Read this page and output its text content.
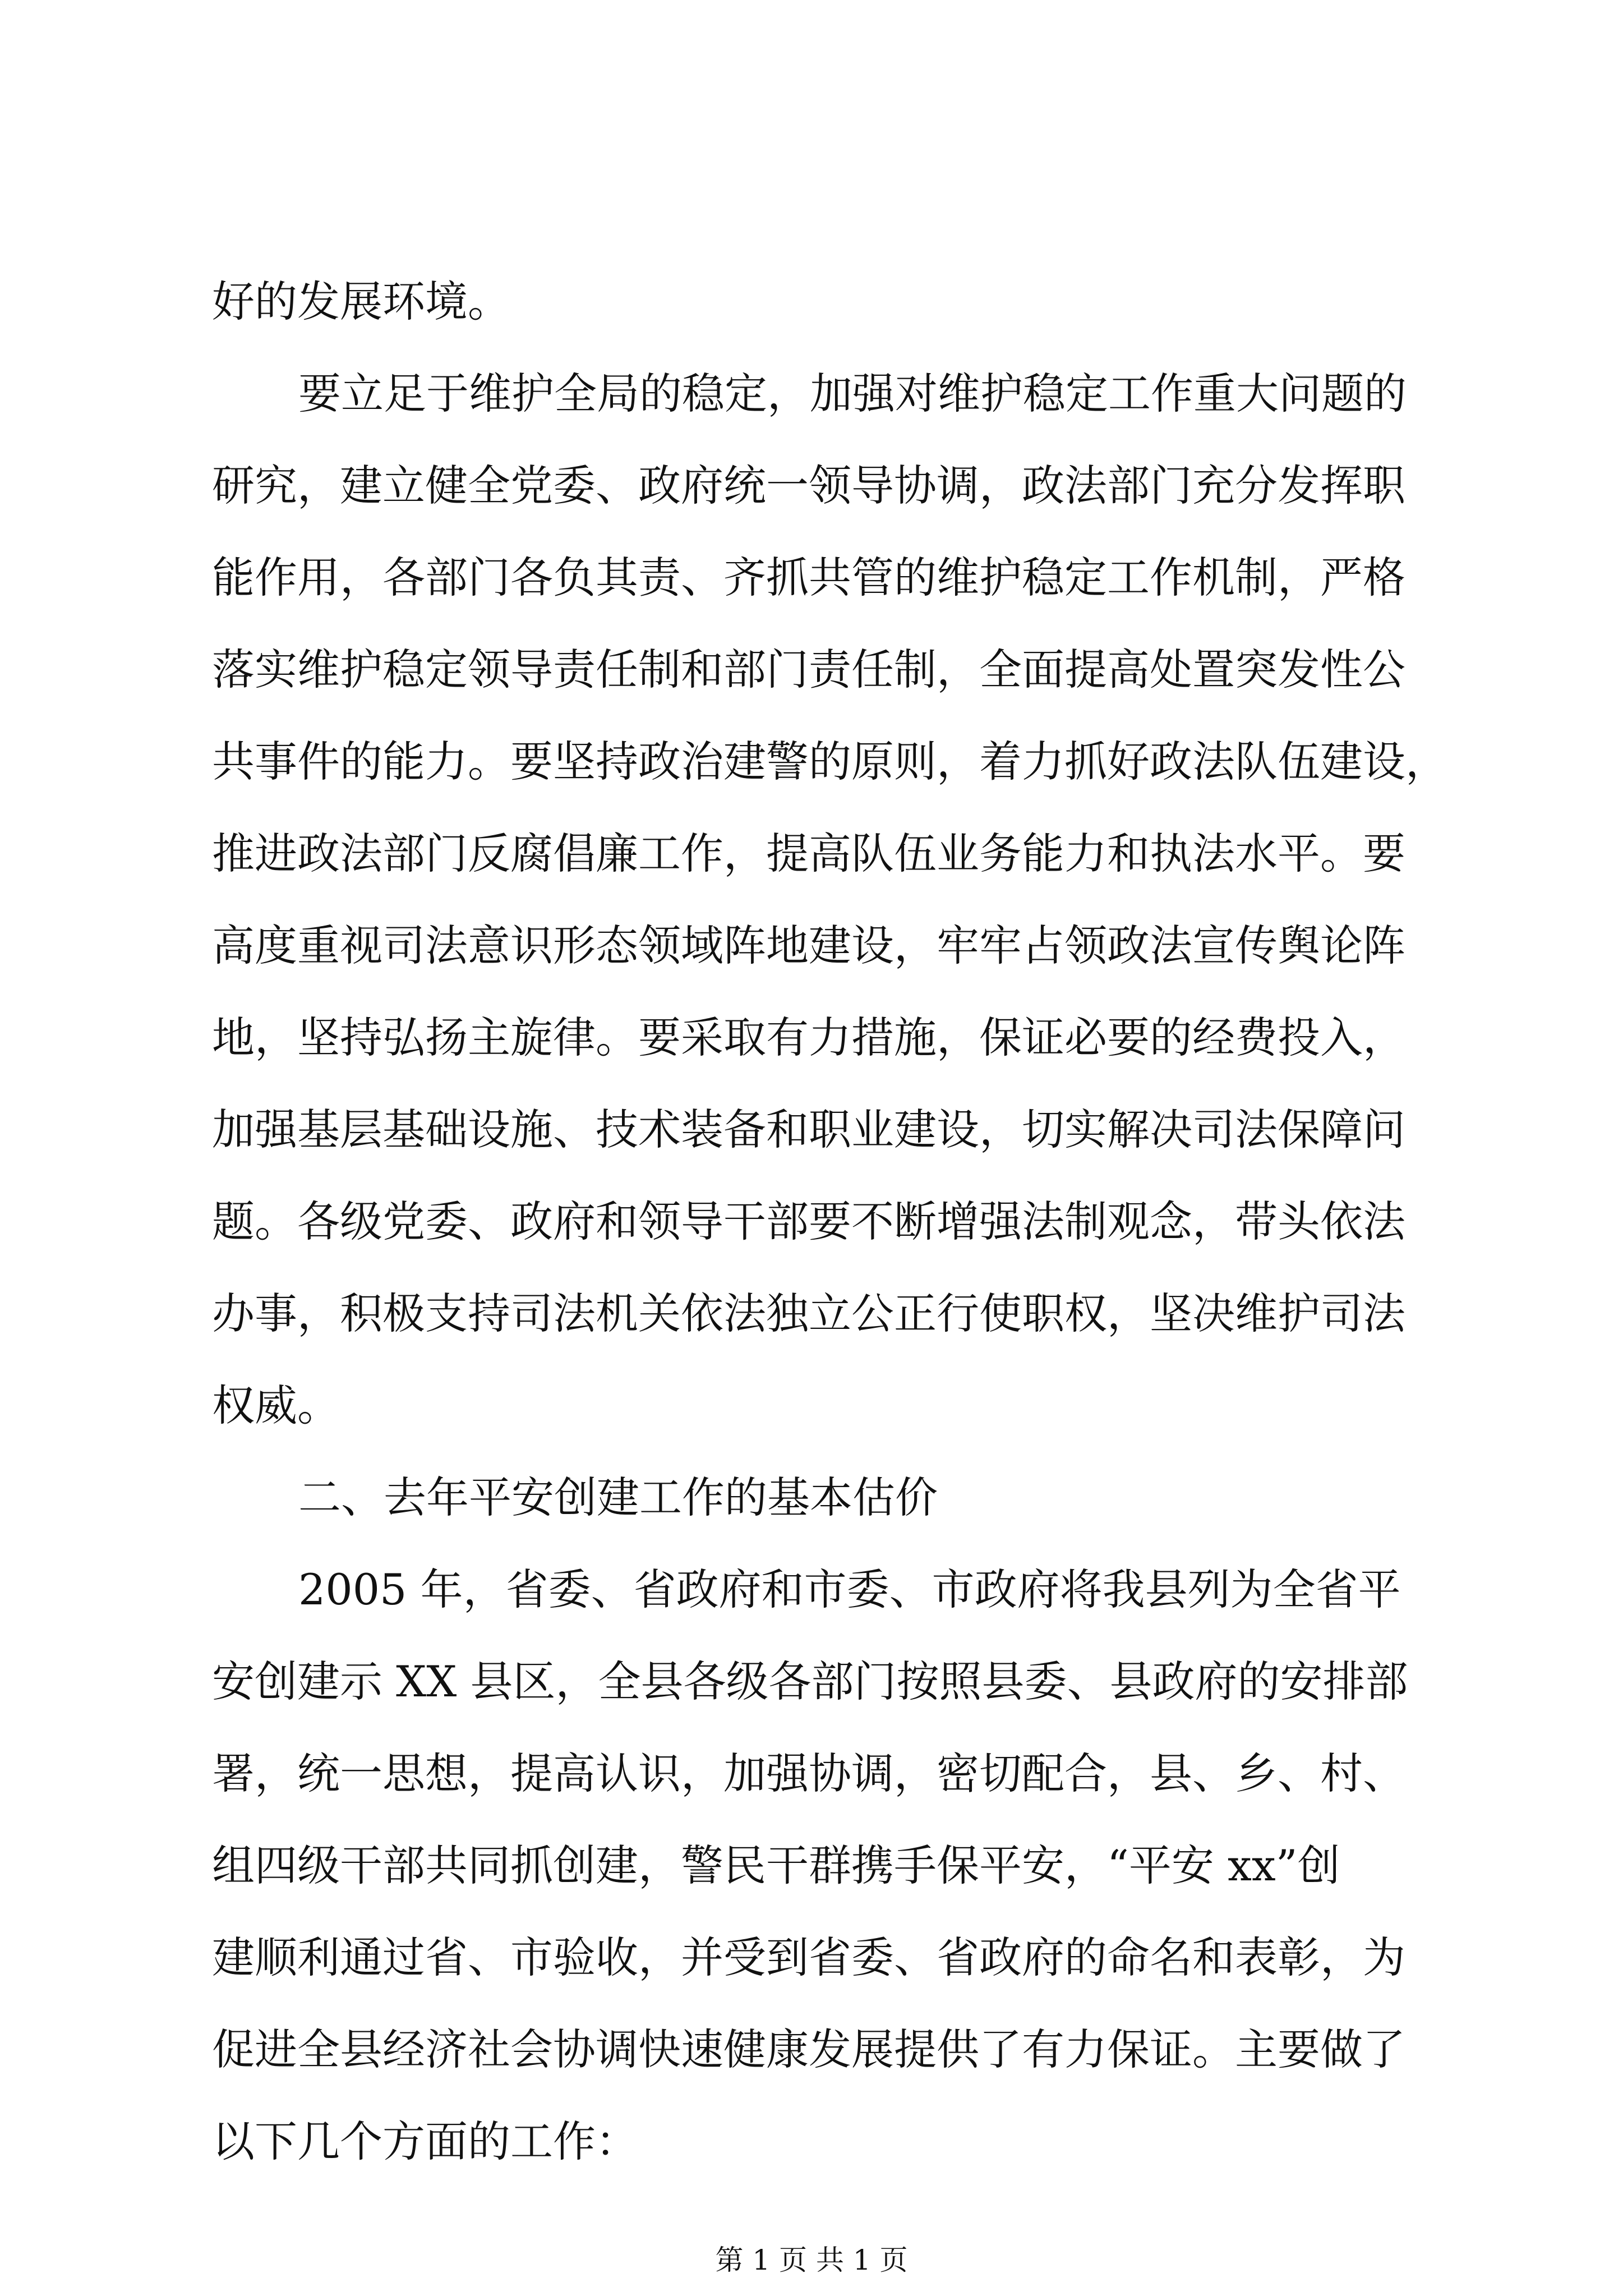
好的发展环境。
要立足于维护全局的稳定，加强对维护稳定工作重大问题的
研究，建立健全党委、政府统一领导协调，政法部门充分发挥职
能作用，各部门各负其责、齐抓共管的维护稳定工作机制，严格
落实维护稳定领导责任制和部门责任制，全面提高处置突发性公
共事件的能力。要坚持政治建警的原则，着力抓好政法队伍建设，
推进政法部门反腐倡廉工作，提高队伍业务能力和执法水平。要
高度重视司法意识形态领域阵地建设，牢牢占领政法宣传舆论阵
地，坚持弘扬主旋律。要采取有力措施，保证必要的经费投入，
加强基层基础设施、技术装备和职业建设，切实解决司法保障问
题。各级党委、政府和领导干部要不断增强法制观念，带头依法
办事，积极支持司法机关依法独立公正行使职权，坚决维护司法
权威。
二、去年平安创建工作的基本估价
2005 年，省委、省政府和市委、市政府将我县列为全省平
安创建示 XX 县区，全县各级各部门按照县委、县政府的安排部
署，统一思想，提高认识，加强协调，密切配合，县、乡、村、
组四级干部共同抓创建，警民干群携手保平安，“平安 xx”创
建顺利通过省、市验收，并受到省委、省政府的命名和表彰，为
促进全县经济社会协调快速健康发展提供了有力保证。主要做了
以下几个方面的工作：
第 1 页 共 1 页
